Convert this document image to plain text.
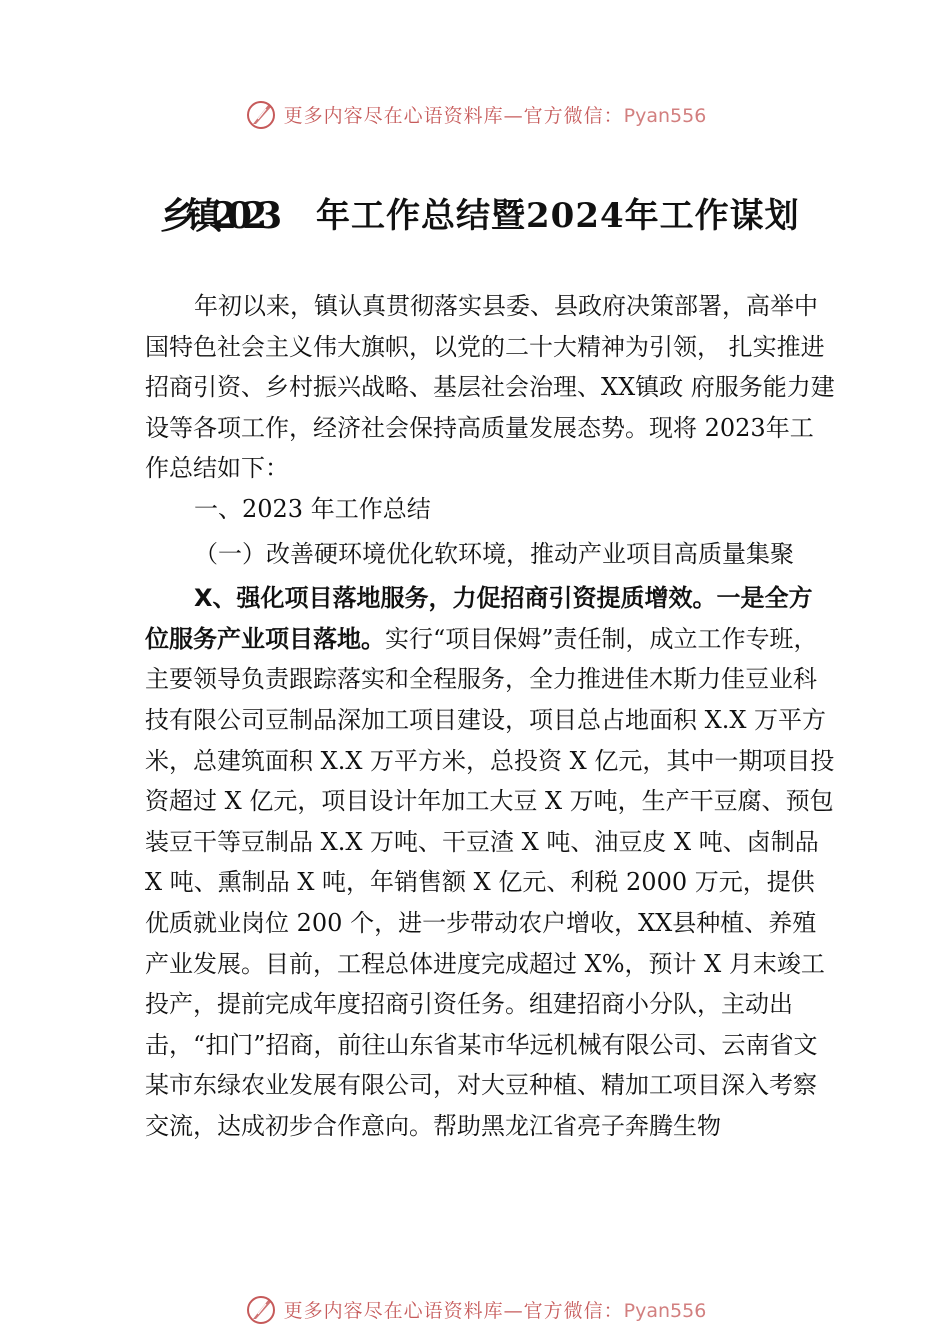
更多内容尽在心语资料库—官方微信：Pyan556
乡镇2023 年工作总结暨2024年工作谋划

年初以来，镇认真贯彻落实县委、县政府决策部署，高举中国特色社会主义伟大旗帜，以党的二十大精神为引领， 扎实推进招商引资、乡村振兴战略、基层社会治理、XX镇政 府服务能力建设等各项工作，经济社会保持高质量发展态势。现将 2023年工作总结如下：

一、2023 年工作总结

（一）改善硬环境优化软环境，推动产业项目高质量集聚

X、强化项目落地服务，力促招商引资提质增效。一是全方位服务产业项目落地。实行“项目保姆”责任制，成立工作专班，主要领导负责跟踪落实和全程服务，全力推进佳木斯力佳豆业科技有限公司豆制品深加工项目建设，项目总占地面积 X.X 万平方米，总建筑面积 X.X 万平方米，总投资 X 亿元，其中一期项目投资超过 X 亿元，项目设计年加工大豆 X 万吨，生产干豆腐、预包装豆干等豆制品 X.X 万吨、干豆渣 X 吨、油豆皮 X 吨、卤制品 X 吨、熏制品 X 吨，年销售额 X 亿元、利税 2000 万元，提供优质就业岗位 200 个，进一步带动农户增收，XX县种植、养殖产业发展。目前，工程总体进度完成超过 X%，预计 X 月末竣工投产，提前完成年度招商引资任务。组建招商小分队，主动出击，“扣门”招商，前往山东省某市华远机械有限公司、云南省文某市东绿农业发展有限公司，对大豆种植、精加工项目深入考察交流，达成初步合作意向。帮助黑龙江省亮子奔腾生物

更多内容尽在心语资料库—官方微信：Pyan556
